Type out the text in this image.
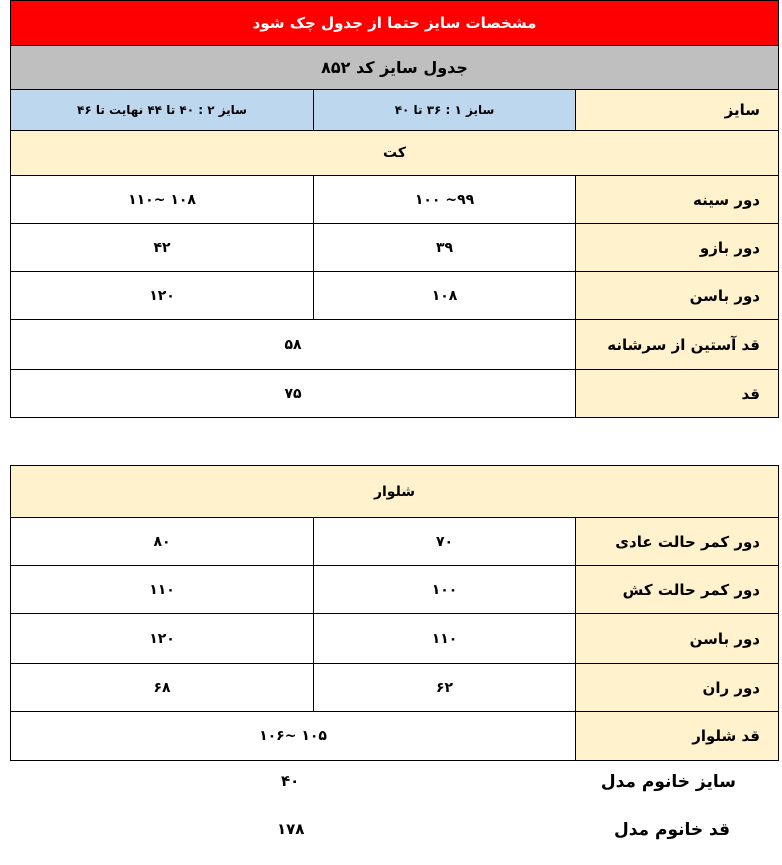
مشخصات سایز حتما از جدول چک شود
جدول سایز کد ۸۵۲
سایز
سایز ۱ : ۳۶ تا ۴۰
سایز ۲ : ۴۰ تا ۴۴ نهایت تا ۴۶
کت
دور سینه
۹۹~ ۱۰۰
۱۰۸ ~۱۱۰
دور بازو
۳۹
۴۲
دور باسن
۱۰۸
۱۲۰
قد آستین از سرشانه
۵۸
قد
۷۵
شلوار
دور کمر حالت عادی
۷۰
۸۰
دور کمر حالت کش
۱۰۰
۱۱۰
دور باسن
۱۱۰
۱۲۰
دور ران
۶۲
۶۸
قد شلوار
۱۰۵ ~۱۰۶
سایز خانوم مدل
۴۰
قد خانوم مدل
۱۷۸
